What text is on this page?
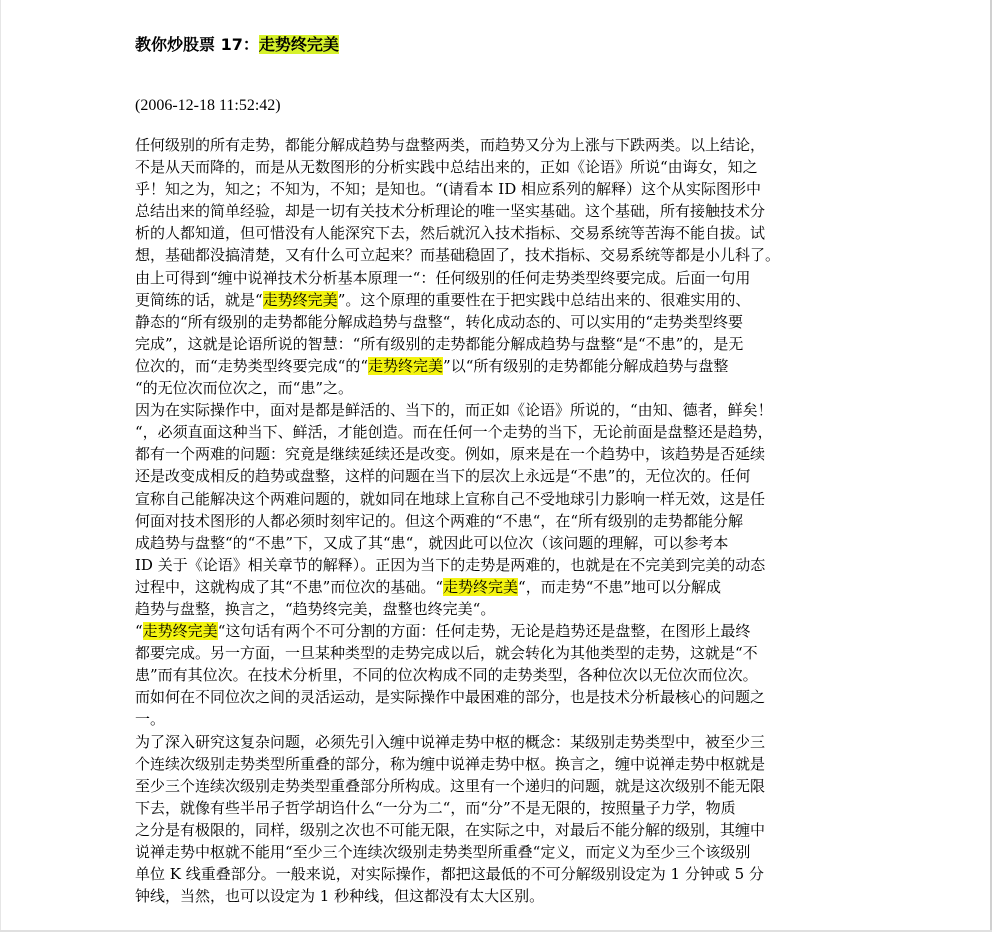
教你炒股票 17：走势终完美
(2006-12-18 11:52:42)
任何级别的所有走势，都能分解成趋势与盘整两类，而趋势又分为上涨与下跌两类。以上结论，
不是从天而降的，而是从无数图形的分析实践中总结出来的，正如《论语》所说“由诲女，知之
乎！知之为，知之；不知为，不知；是知也。“(请看本 ID 相应系列的解释）这个从实际图形中
总结出来的简单经验，却是一切有关技术分析理论的唯一坚实基础。这个基础，所有接触技术分
析的人都知道，但可惜没有人能深究下去，然后就沉入技术指标、交易系统等苦海不能自拔。试
想，基础都没搞清楚，又有什么可立起来？而基础稳固了，技术指标、交易系统等都是小儿科了。
由上可得到“缠中说禅技术分析基本原理一“：任何级别的任何走势类型终要完成。后面一句用
更简练的话，就是“走势终完美”。这个原理的重要性在于把实践中总结出来的、很难实用的、
静态的“所有级别的走势都能分解成趋势与盘整“，转化成动态的、可以实用的“走势类型终要
完成”，这就是论语所说的智慧：“所有级别的走势都能分解成趋势与盘整“是“不患”的，是无
位次的，而“走势类型终要完成“的“走势终完美”以“所有级别的走势都能分解成趋势与盘整
“的无位次而位次之，而“患”之。
因为在实际操作中，面对是都是鲜活的、当下的，而正如《论语》所说的，“由知、德者，鲜矣！
“，必须直面这种当下、鲜活，才能创造。而在任何一个走势的当下，无论前面是盘整还是趋势，
都有一个两难的问题：究竟是继续延续还是改变。例如，原来是在一个趋势中，该趋势是否延续
还是改变成相反的趋势或盘整，这样的问题在当下的层次上永远是“不患”的，无位次的。任何
宣称自己能解决这个两难问题的，就如同在地球上宣称自己不受地球引力影响一样无效，这是任
何面对技术图形的人都必须时刻牢记的。但这个两难的“不患“，在“所有级别的走势都能分解
成趋势与盘整“的“不患”下，又成了其“患“，就因此可以位次（该问题的理解，可以参考本
ID 关于《论语》相关章节的解释）。正因为当下的走势是两难的，也就是在不完美到完美的动态
过程中，这就构成了其“不患”而位次的基础。“走势终完美“，而走势“不患”地可以分解成
趋势与盘整，换言之，“趋势终完美，盘整也终完美“。
“走势终完美“这句话有两个不可分割的方面：任何走势，无论是趋势还是盘整，在图形上最终
都要完成。另一方面，一旦某种类型的走势完成以后，就会转化为其他类型的走势，这就是“不
患”而有其位次。在技术分析里，不同的位次构成不同的走势类型，各种位次以无位次而位次。
而如何在不同位次之间的灵活运动，是实际操作中最困难的部分，也是技术分析最核心的问题之
一。
为了深入研究这复杂问题，必须先引入缠中说禅走势中枢的概念：某级别走势类型中，被至少三
个连续次级别走势类型所重叠的部分，称为缠中说禅走势中枢。换言之，缠中说禅走势中枢就是
至少三个连续次级别走势类型重叠部分所构成。这里有一个递归的问题，就是这次级别不能无限
下去，就像有些半吊子哲学胡诌什么“一分为二“，而“分”不是无限的，按照量子力学，物质
之分是有极限的，同样，级别之次也不可能无限，在实际之中，对最后不能分解的级别，其缠中
说禅走势中枢就不能用“至少三个连续次级别走势类型所重叠“定义，而定义为至少三个该级别
单位 K 线重叠部分。一般来说，对实际操作，都把这最低的不可分解级别设定为 1 分钟或 5 分
钟线，当然，也可以设定为 1 秒种线，但这都没有太大区别。
